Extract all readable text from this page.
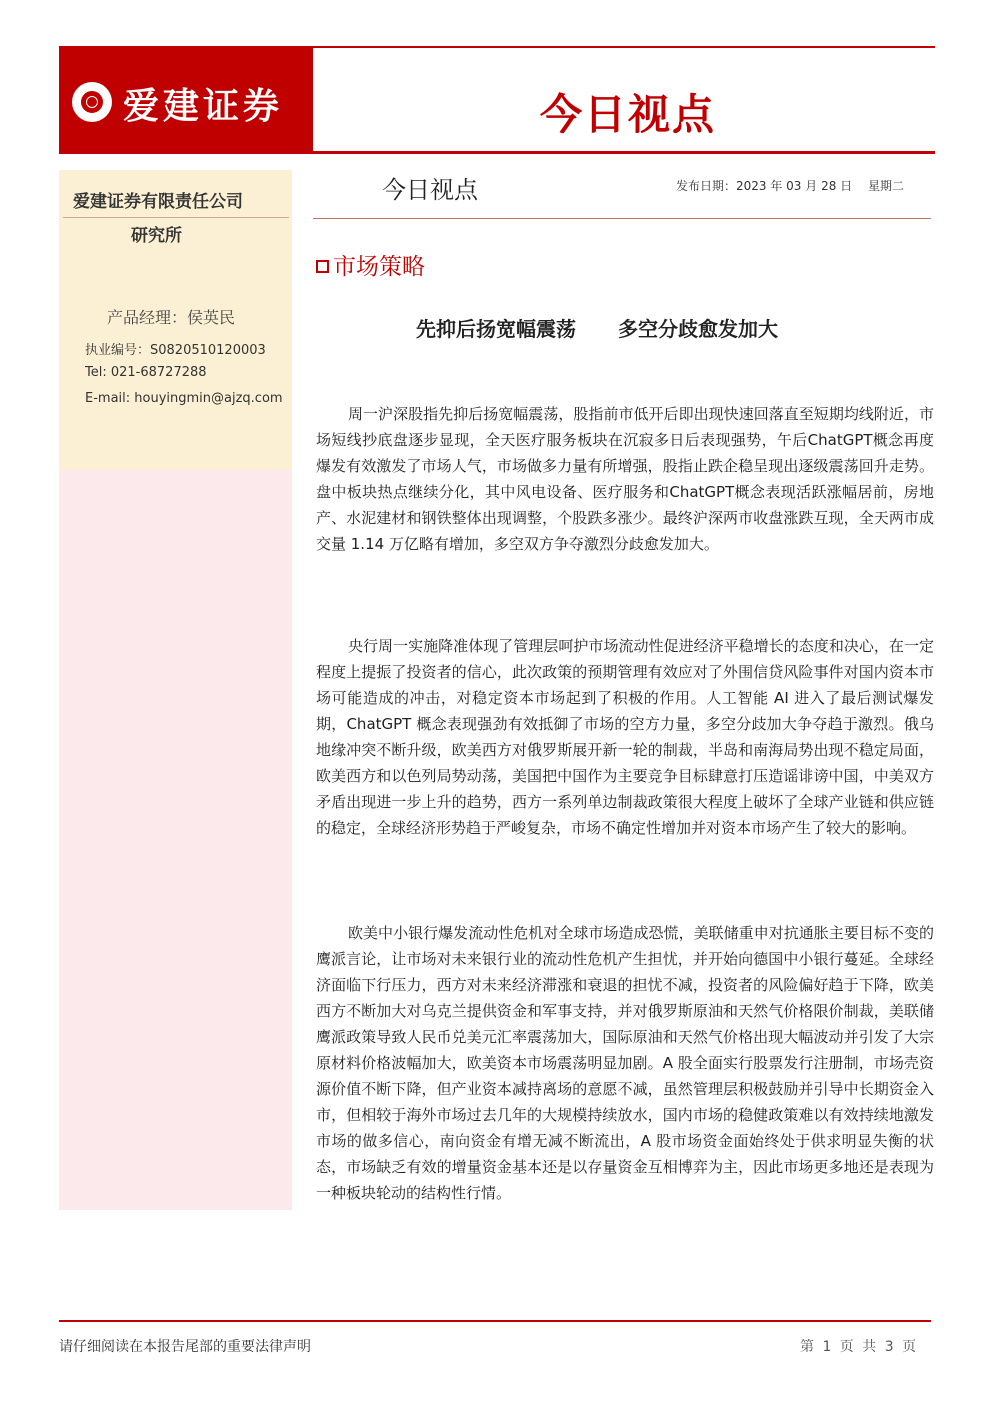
爱建证券	今日视点
爱建证券有限责任公司
研究所
产品经理：侯英民
执业编号：S0820510120003
Tel: 021-68727288
E-mail: houyingmin@ajzq.com
今日视点	发布日期：2023 年 03 月 28 日 星期二
市场策略
先抑后扬宽幅震荡 多空分歧愈发加大

周一沪深股指先抑后扬宽幅震荡，股指前市低开后即出现快速回落直至短期均线附近，市场短线抄底盘逐步显现，全天医疗服务板块在沉寂多日后表现强势，午后ChatGPT概念再度爆发有效激发了市场人气，市场做多力量有所增强，股指止跌企稳呈现出逐级震荡回升走势。盘中板块热点继续分化，其中风电设备、医疗服务和ChatGPT概念表现活跃涨幅居前，房地产、水泥建材和钢铁整体出现调整，个股跌多涨少。最终沪深两市收盘涨跌互现，全天两市成交量 1.14 万亿略有增加，多空双方争夺激烈分歧愈发加大。

央行周一实施降准体现了管理层呵护市场流动性促进经济平稳增长的态度和决心，在一定程度上提振了投资者的信心，此次政策的预期管理有效应对了外围信贷风险事件对国内资本市场可能造成的冲击，对稳定资本市场起到了积极的作用。人工智能 AI 进入了最后测试爆发期，ChatGPT 概念表现强劲有效抵御了市场的空方力量，多空分歧加大争夺趋于激烈。俄乌地缘冲突不断升级，欧美西方对俄罗斯展开新一轮的制裁，半岛和南海局势出现不稳定局面，欧美西方和以色列局势动荡，美国把中国作为主要竞争目标肆意打压造谣诽谤中国，中美双方矛盾出现进一步上升的趋势，西方一系列单边制裁政策很大程度上破坏了全球产业链和供应链的稳定，全球经济形势趋于严峻复杂，市场不确定性增加并对资本市场产生了较大的影响。

欧美中小银行爆发流动性危机对全球市场造成恐慌，美联储重申对抗通胀主要目标不变的鹰派言论，让市场对未来银行业的流动性危机产生担忧，并开始向德国中小银行蔓延。全球经济面临下行压力，西方对未来经济滞涨和衰退的担忧不减，投资者的风险偏好趋于下降，欧美西方不断加大对乌克兰提供资金和军事支持，并对俄罗斯原油和天然气价格限价制裁，美联储鹰派政策导致人民币兑美元汇率震荡加大，国际原油和天然气价格出现大幅波动并引发了大宗原材料价格波幅加大，欧美资本市场震荡明显加剧。A 股全面实行股票发行注册制，市场壳资源价值不断下降，但产业资本减持离场的意愿不减，虽然管理层积极鼓励并引导中长期资金入市，但相较于海外市场过去几年的大规模持续放水，国内市场的稳健政策难以有效持续地激发市场的做多信心，南向资金有增无减不断流出，A 股市场资金面始终处于供求明显失衡的状态，市场缺乏有效的增量资金基本还是以存量资金互相博弈为主，因此市场更多地还是表现为一种板块轮动的结构性行情。

请仔细阅读在本报告尾部的重要法律声明	第 1 页 共 3 页
